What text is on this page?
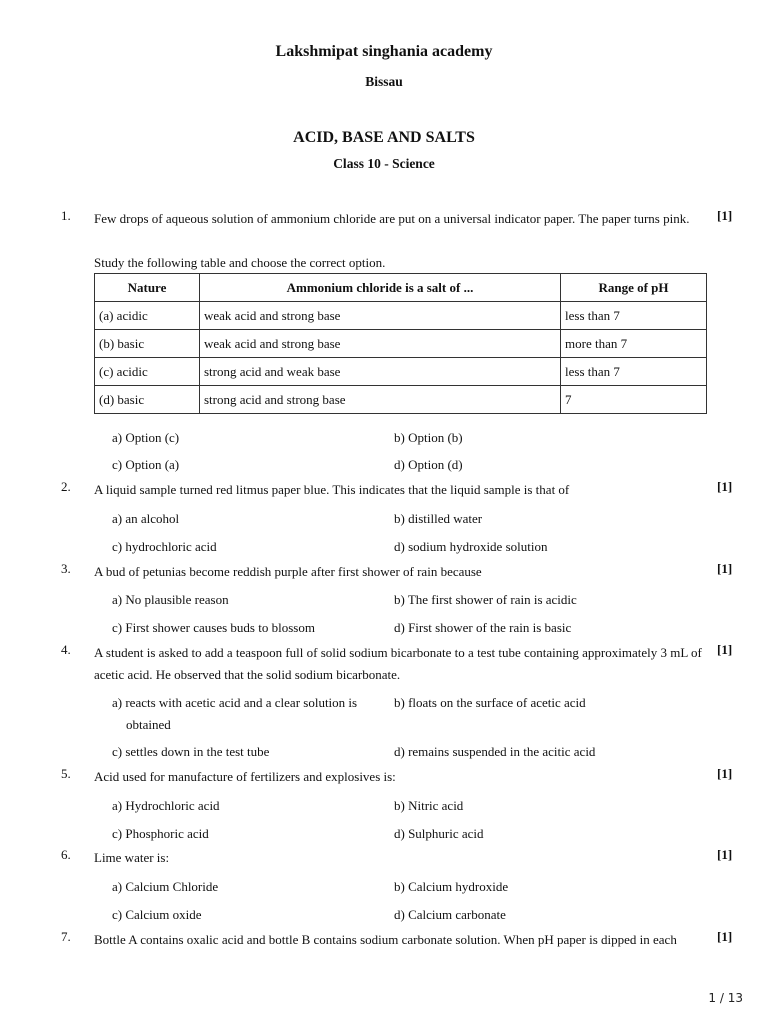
Lakshmipat singhania academy
Bissau
ACID, BASE AND SALTS
Class 10 - Science
1. Few drops of aqueous solution of ammonium chloride are put on a universal indicator paper. The paper turns pink.	[1]
Study the following table and choose the correct option.
Nature	Ammonium chloride is a salt of ...	Range of pH
(a) acidic	weak acid and strong base	less than 7
(b) basic	weak acid and strong base	more than 7
(c) acidic	strong acid and weak base	less than 7
(d) basic	strong acid and strong base	7
a) Option (c)	b) Option (b)
c) Option (a)	d) Option (d)
2. A liquid sample turned red litmus paper blue. This indicates that the liquid sample is that of	[1]
a) an alcohol	b) distilled water
c) hydrochloric acid	d) sodium hydroxide solution
3. A bud of petunias become reddish purple after first shower of rain because	[1]
a) No plausible reason	b) The first shower of rain is acidic
c) First shower causes buds to blossom	d) First shower of the rain is basic
4. A student is asked to add a teaspoon full of solid sodium bicarbonate to a test tube containing approximately 3 mL of acetic acid. He observed that the solid sodium bicarbonate.
[1]
a) reacts with acetic acid and a clear solution is
obtained
b) floats on the surface of acetic acid
c) settles down in the test tube	d) remains suspended in the acitic acid
5. Acid used for manufacture of fertilizers and explosives is:	[1]
a) Hydrochloric acid	b) Nitric acid
c) Phosphoric acid	d) Sulphuric acid
6. Lime water is:	[1]
a) Calcium Chloride	b) Calcium hydroxide
c) Calcium oxide	d) Calcium carbonate
7. Bottle A contains oxalic acid and bottle B contains sodium carbonate solution. When pH paper is dipped in each	[1]
1 / 13
